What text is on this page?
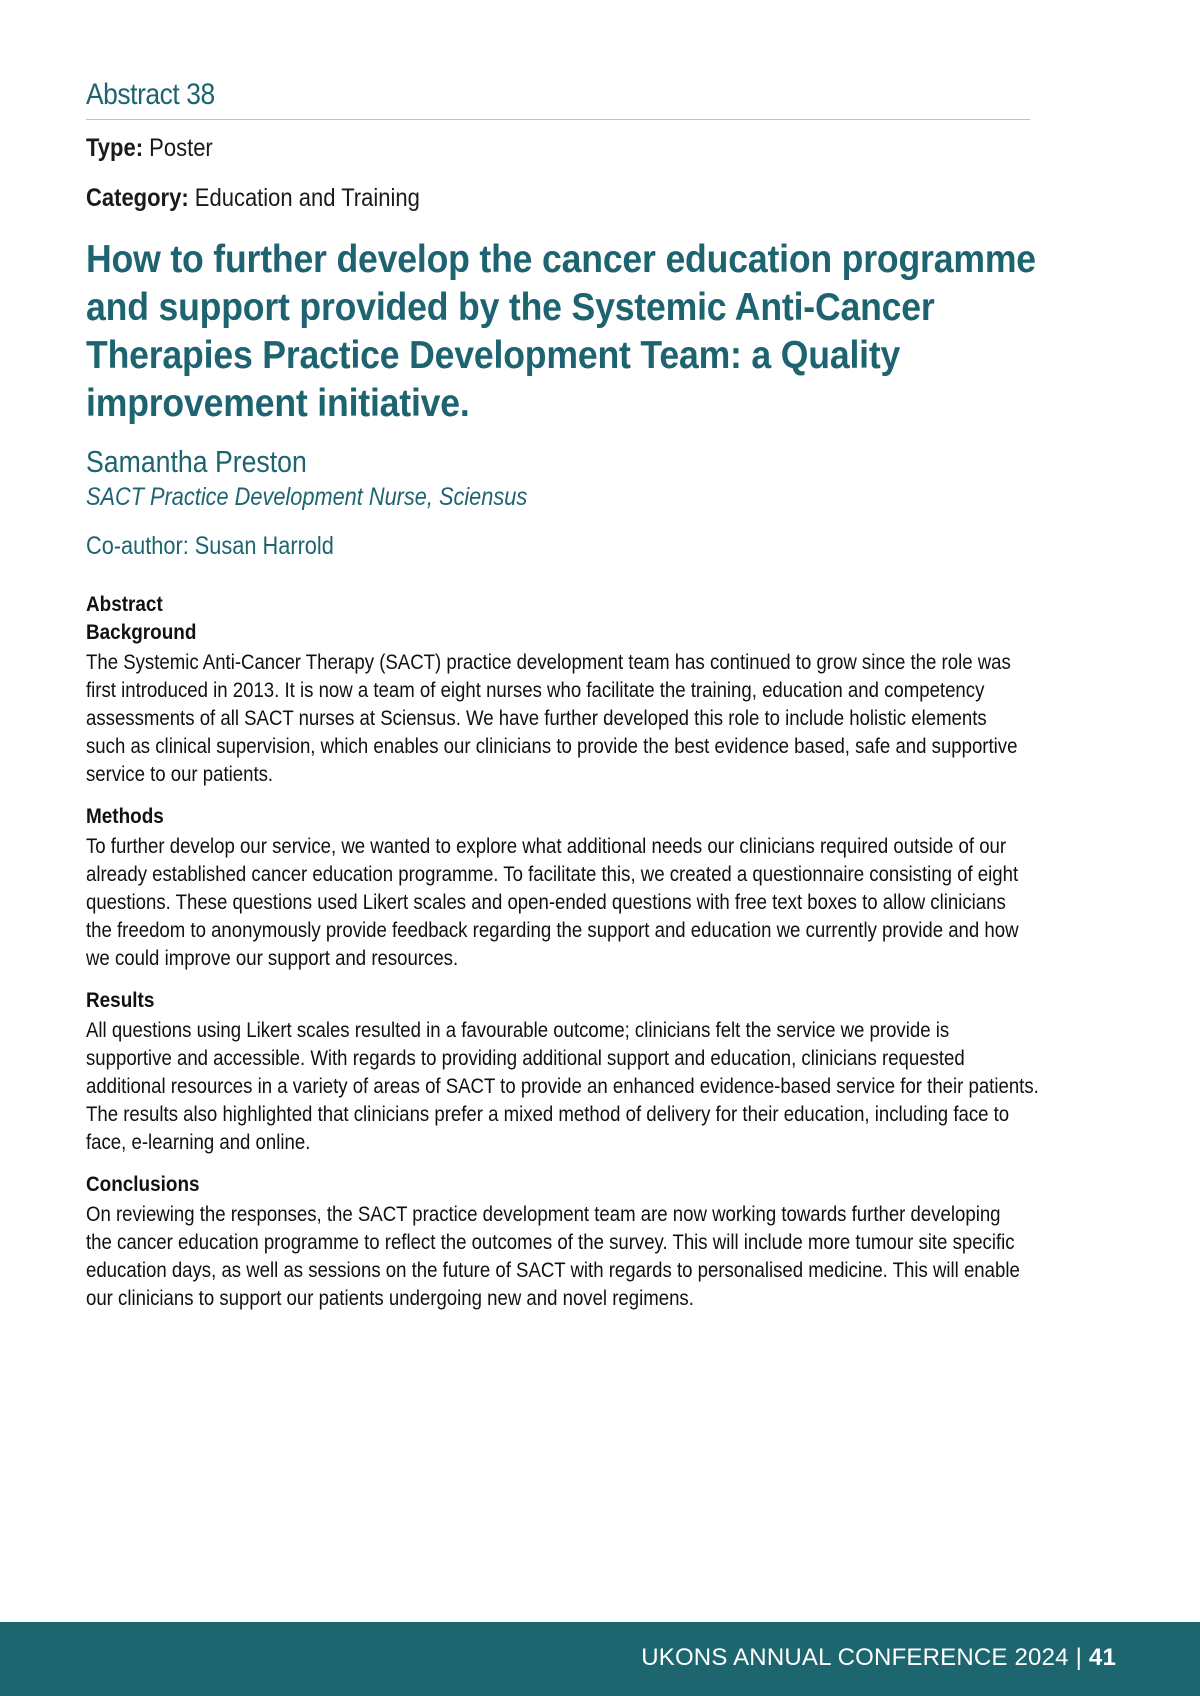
Abstract 38
Type: Poster
Category: Education and Training
How to further develop the cancer education programme
and support provided by the Systemic Anti-Cancer
Therapies Practice Development Team: a Quality
improvement initiative.
Samantha Preston
SACT Practice Development Nurse, Sciensus
Co-author: Susan Harrold
Abstract
Background
The Systemic Anti-Cancer Therapy (SACT) practice development team has continued to grow since the role was
first introduced in 2013. It is now a team of eight nurses who facilitate the training, education and competency
assessments of all SACT nurses at Sciensus. We have further developed this role to include holistic elements
such as clinical supervision, which enables our clinicians to provide the best evidence based, safe and supportive
service to our patients.
Methods
To further develop our service, we wanted to explore what additional needs our clinicians required outside of our
already established cancer education programme. To facilitate this, we created a questionnaire consisting of eight
questions. These questions used Likert scales and open-ended questions with free text boxes to allow clinicians
the freedom to anonymously provide feedback regarding the support and education we currently provide and how
we could improve our support and resources.
Results
All questions using Likert scales resulted in a favourable outcome; clinicians felt the service we provide is
supportive and accessible. With regards to providing additional support and education, clinicians requested
additional resources in a variety of areas of SACT to provide an enhanced evidence-based service for their patients.
The results also highlighted that clinicians prefer a mixed method of delivery for their education, including face to
face, e-learning and online.
Conclusions
On reviewing the responses, the SACT practice development team are now working towards further developing
the cancer education programme to reflect the outcomes of the survey. This will include more tumour site specific
education days, as well as sessions on the future of SACT with regards to personalised medicine. This will enable
our clinicians to support our patients undergoing new and novel regimens.
UKONS ANNUAL CONFERENCE 2024 | 41
